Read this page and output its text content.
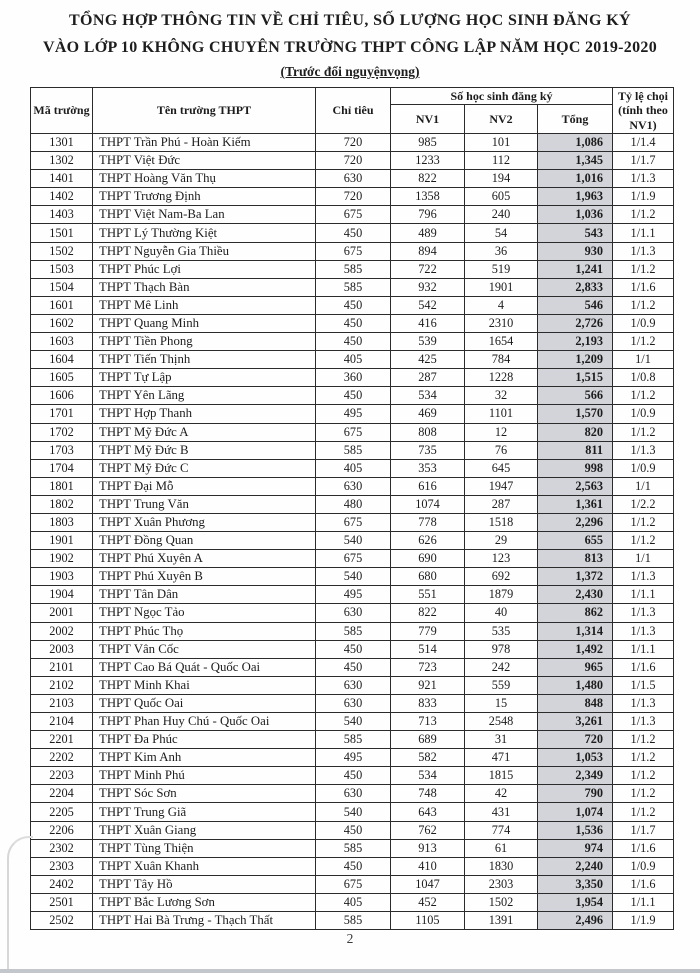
TỔNG HỢP THÔNG TIN VỀ CHỈ TIÊU, SỐ LƯỢNG HỌC SINH ĐĂNG KÝ
VÀO LỚP 10 KHÔNG CHUYÊN TRƯỜNG THPT CÔNG LẬP NĂM HỌC 2019-2020
(Trước đổi nguyệnvọng)
Mã trường	Tên trường THPT	Chỉ tiêu	Số học sinh đăng ký			Tỷ lệ chọi
(tính theo
NV1)
			NV1	NV2	Tổng	
1301	THPT Trần Phú - Hoàn Kiếm	720	985	101	1,086	1/1.4
1302	THPT Việt Đức	720	1233	112	1,345	1/1.7
1401	THPT Hoàng Văn Thụ	630	822	194	1,016	1/1.3
1402	THPT Trương Định	720	1358	605	1,963	1/1.9
1403	THPT Việt Nam-Ba Lan	675	796	240	1,036	1/1.2
1501	THPT Lý Thường Kiệt	450	489	54	543	1/1.1
1502	THPT Nguyễn Gia Thiều	675	894	36	930	1/1.3
1503	THPT Phúc Lợi	585	722	519	1,241	1/1.2
1504	THPT Thạch Bàn	585	932	1901	2,833	1/1.6
1601	THPT Mê Linh	450	542	4	546	1/1.2
1602	THPT Quang Minh	450	416	2310	2,726	1/0.9
1603	THPT Tiền Phong	450	539	1654	2,193	1/1.2
1604	THPT Tiến Thịnh	405	425	784	1,209	1/1
1605	THPT Tự Lập	360	287	1228	1,515	1/0.8
1606	THPT Yên Lãng	450	534	32	566	1/1.2
1701	THPT Hợp Thanh	495	469	1101	1,570	1/0.9
1702	THPT Mỹ Đức A	675	808	12	820	1/1.2
1703	THPT Mỹ Đức B	585	735	76	811	1/1.3
1704	THPT Mỹ Đức C	405	353	645	998	1/0.9
1801	THPT Đại Mỗ	630	616	1947	2,563	1/1
1802	THPT Trung Văn	480	1074	287	1,361	1/2.2
1803	THPT Xuân Phương	675	778	1518	2,296	1/1.2
1901	THPT Đồng Quan	540	626	29	655	1/1.2
1902	THPT Phú Xuyên A	675	690	123	813	1/1
1903	THPT Phú Xuyên B	540	680	692	1,372	1/1.3
1904	THPT Tân Dân	495	551	1879	2,430	1/1.1
2001	THPT Ngọc Tảo	630	822	40	862	1/1.3
2002	THPT Phúc Thọ	585	779	535	1,314	1/1.3
2003	THPT Vân Cốc	450	514	978	1,492	1/1.1
2101	THPT Cao Bá Quát - Quốc Oai	450	723	242	965	1/1.6
2102	THPT Minh Khai	630	921	559	1,480	1/1.5
2103	THPT Quốc Oai	630	833	15	848	1/1.3
2104	THPT Phan Huy Chú - Quốc Oai	540	713	2548	3,261	1/1.3
2201	THPT Đa Phúc	585	689	31	720	1/1.2
2202	THPT Kim Anh	495	582	471	1,053	1/1.2
2203	THPT Minh Phú	450	534	1815	2,349	1/1.2
2204	THPT Sóc Sơn	630	748	42	790	1/1.2
2205	THPT Trung Giã	540	643	431	1,074	1/1.2
2206	THPT Xuân Giang	450	762	774	1,536	1/1.7
2302	THPT Tùng Thiện	585	913	61	974	1/1.6
2303	THPT Xuân Khanh	450	410	1830	2,240	1/0.9
2402	THPT Tây Hồ	675	1047	2303	3,350	1/1.6
2501	THPT Bắc Lương Sơn	405	452	1502	1,954	1/1.1
2502	THPT Hai Bà Trưng - Thạch Thất	585	1105	1391	2,496	1/1.9
2
